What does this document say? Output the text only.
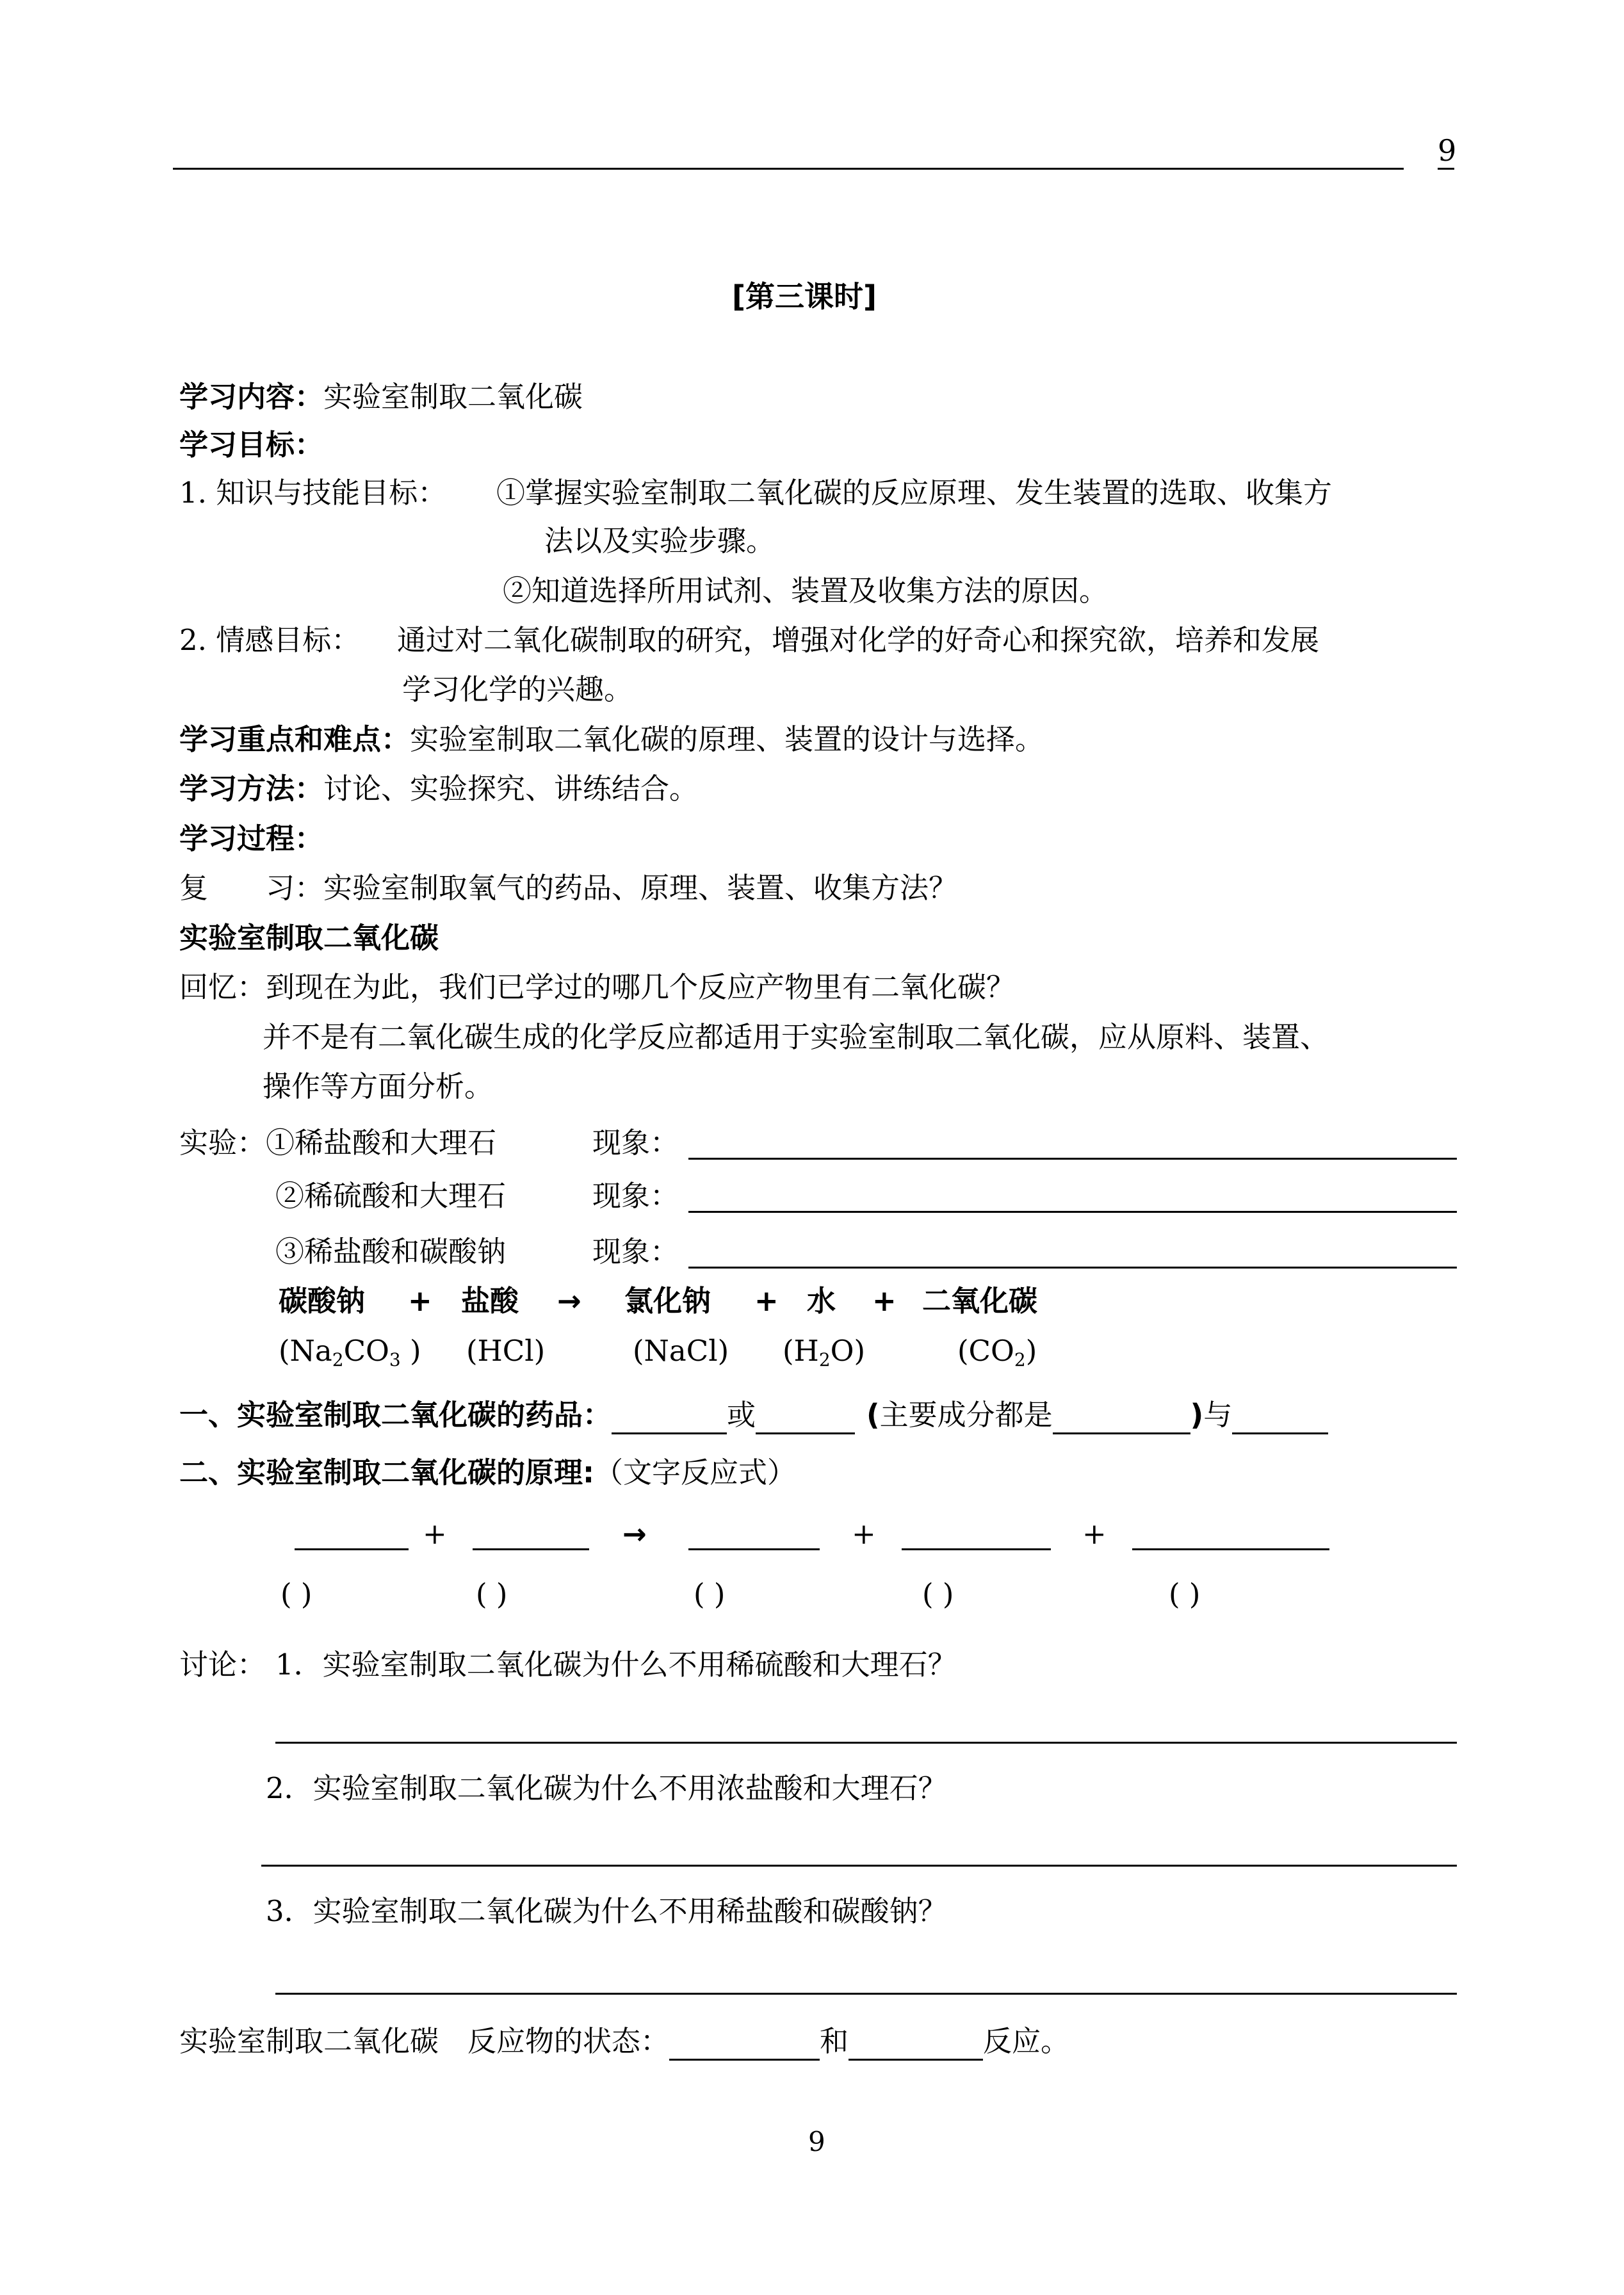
9
[第三课时]
学习内容：实验室制取二氧化碳
学习目标：
1. 知识与技能目标： ①掌握实验室制取二氧化碳的反应原理、发生装置的选取、收集方
法以及实验步骤。
②知道选择所用试剂、装置及收集方法的原因。
2. 情感目标： 通过对二氧化碳制取的研究，增强对化学的好奇心和探究欲，培养和发展
学习化学的兴趣。
学习重点和难点：实验室制取二氧化碳的原理、装置的设计与选择。
学习方法：讨论、实验探究、讲练结合。
学习过程：
复　　习：实验室制取氧气的药品、原理、装置、收集方法？
实验室制取二氧化碳
回忆：到现在为此，我们已学过的哪几个反应产物里有二氧化碳？
并不是有二氧化碳生成的化学反应都适用于实验室制取二氧化碳，应从原料、装置、
操作等方面分析。
实验： ①稀盐酸和大理石	现象：
②稀硫酸和大理石	现象：
③稀盐酸和碳酸钠	现象：
碳酸钠 + 盐酸 → 氯化钠 + 水 + 二氧化碳
($Na_2CO_3$ ) (HCl)	(NaCl) $(H_2O)$	$(CO_2)$
一、实验室制取二氧化碳的药品：	或	(主要成分都是	)与
二、实验室制取二氧化碳的原理:（文字反应式）
+	→	+	+
( )	( )	( )	( )	( )
讨论： 1．实验室制取二氧化碳为什么不用稀硫酸和大理石？
2．实验室制取二氧化碳为什么不用浓盐酸和大理石？
3．实验室制取二氧化碳为什么不用稀盐酸和碳酸钠？
实验室制取二氧化碳　反应物的状态：	和	反应。
9
